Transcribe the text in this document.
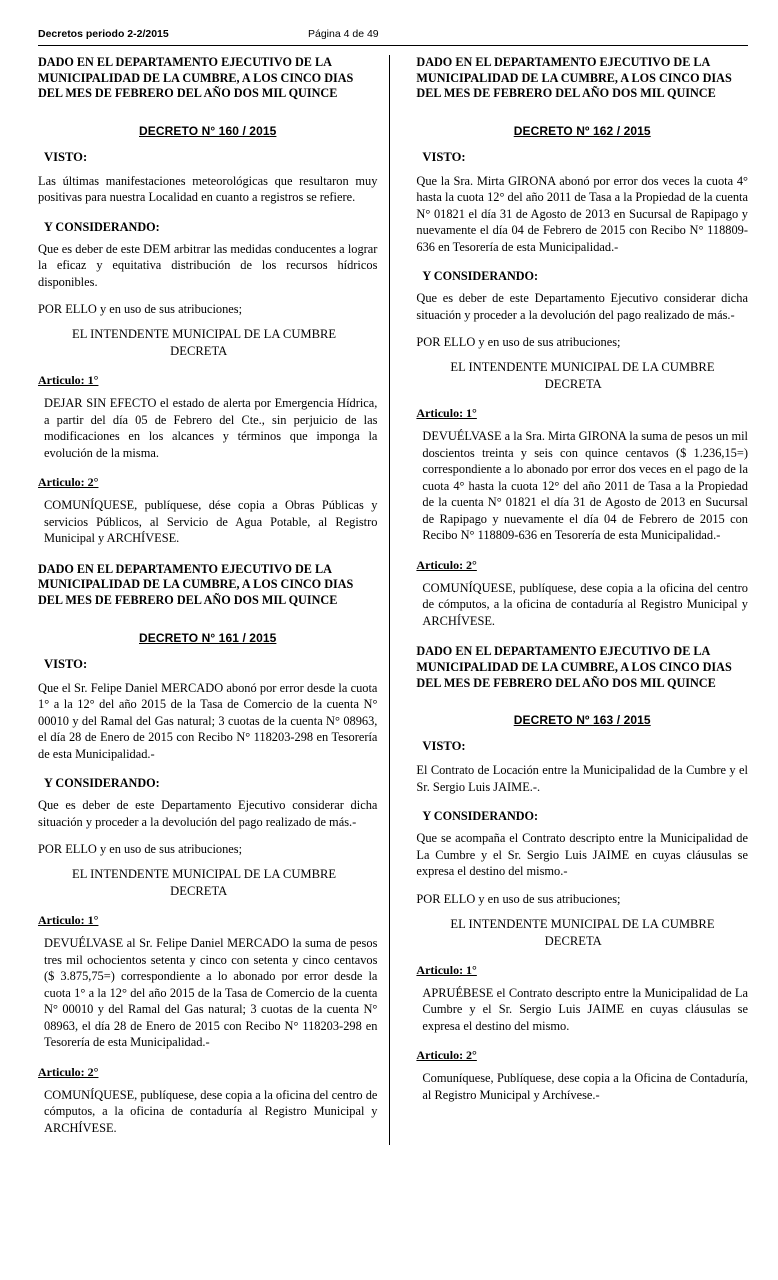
Decretos periodo 2-2/2015	Página 4 de 49

DADO EN EL DEPARTAMENTO EJECUTIVO DE LA MUNICIPALIDAD DE LA CUMBRE, A LOS CINCO DIAS DEL MES DE FEBRERO DEL AÑO DOS MIL QUINCE

DECRETO N° 160 / 2015
VISTO:

Las últimas manifestaciones meteorológicas que resultaron muy positivas para nuestra Localidad en cuanto a registros se refiere.

Y CONSIDERANDO:

Que es deber de este DEM arbitrar las medidas conducentes a lograr la eficaz y equitativa distribución de los recursos hídricos disponibles.

POR ELLO y en uso de sus atribuciones;

EL INTENDENTE MUNICIPAL DE LA CUMBRE

DECRETA

Articulo: 1°

DEJAR SIN EFECTO el estado de alerta por Emergencia Hídrica, a partir del día 05 de Febrero del Cte., sin perjuicio de las modificaciones en los alcances y términos que imponga la evolución de la misma.

Articulo: 2°

COMUNÍQUESE, publíquese, dése copia a Obras Públicas y servicios Públicos, al Servicio de Agua Potable, al Registro Municipal y ARCHÍVESE.

DADO EN EL DEPARTAMENTO EJECUTIVO DE LA MUNICIPALIDAD DE LA CUMBRE, A LOS CINCO DIAS DEL MES DE FEBRERO DEL AÑO DOS MIL QUINCE

DECRETO N° 161 / 2015
VISTO:

Que el Sr. Felipe Daniel MERCADO abonó por error desde la cuota 1° a la 12° del año 2015 de la Tasa de Comercio de la cuenta N° 00010 y del Ramal del Gas natural; 3 cuotas de la cuenta N° 08963, el día 28 de Enero de 2015 con Recibo N° 118203-298 en Tesorería de esta Municipalidad.-

Y CONSIDERANDO:

Que es deber de este Departamento Ejecutivo considerar dicha situación y proceder a la devolución del pago realizado de más.-

POR ELLO y en uso de sus atribuciones;

EL INTENDENTE MUNICIPAL DE LA CUMBRE

DECRETA

Articulo: 1°

DEVUÉLVASE al Sr. Felipe Daniel MERCADO la suma de pesos tres mil ochocientos setenta y cinco con setenta y cinco centavos ($ 3.875,75=) correspondiente a lo abonado por error desde la cuota 1° a la 12° del año 2015 de la Tasa de Comercio de la cuenta N° 00010 y del Ramal del Gas natural; 3 cuotas de la cuenta N° 08963, el día 28 de Enero de 2015 con Recibo N° 118203-298 en Tesorería de esta Municipalidad.-

Articulo: 2°

COMUNÍQUESE, publíquese, dese copia a la oficina del centro de cómputos, a la oficina de contaduría al Registro Municipal y ARCHÍVESE.

DADO EN EL DEPARTAMENTO EJECUTIVO DE LA MUNICIPALIDAD DE LA CUMBRE, A LOS CINCO DIAS DEL MES DE FEBRERO DEL AÑO DOS MIL QUINCE

DECRETO Nº 162 / 2015
VISTO:

Que la Sra. Mirta GIRONA abonó por error dos veces la cuota 4° hasta la cuota 12° del año 2011 de Tasa a la Propiedad de la cuenta N° 01821 el día 31 de Agosto de 2013 en Sucursal de Rapipago y nuevamente el día 04 de Febrero de 2015 con Recibo N° 118809-636 en Tesorería de esta Municipalidad.-

Y CONSIDERANDO:

Que es deber de este Departamento Ejecutivo considerar dicha situación y proceder a la devolución del pago realizado de más.-

POR ELLO y en uso de sus atribuciones;

EL INTENDENTE MUNICIPAL DE LA CUMBRE

DECRETA

Articulo: 1°

DEVUÉLVASE a la Sra. Mirta GIRONA la suma de pesos un mil doscientos treinta y seis con quince centavos ($ 1.236,15=) correspondiente a lo abonado por error dos veces en el pago de la cuota 4° hasta la cuota 12° del año 2011 de Tasa a la Propiedad de la cuenta N° 01821 el día 31 de Agosto de 2013 en Sucursal de Rapipago y nuevamente el día 04 de Febrero de 2015 con Recibo N° 118809-636 en Tesorería de esta Municipalidad.-

Articulo: 2°

COMUNÍQUESE, publíquese, dese copia a la oficina del centro de cómputos, a la oficina de contaduría al Registro Municipal y ARCHÍVESE.

DADO EN EL DEPARTAMENTO EJECUTIVO DE LA MUNICIPALIDAD DE LA CUMBRE, A LOS CINCO DIAS DEL MES DE FEBRERO DEL AÑO DOS MIL QUINCE

DECRETO Nº 163 / 2015
VISTO:

El Contrato de Locación entre la Municipalidad de la Cumbre y el Sr. Sergio Luis JAIME.-.

Y CONSIDERANDO:

Que se acompaña el Contrato descripto entre la Municipalidad de La Cumbre y el Sr. Sergio Luis JAIME en cuyas cláusulas se expresa el destino del mismo.-

POR ELLO y en uso de sus atribuciones;

EL INTENDENTE MUNICIPAL DE LA CUMBRE

DECRETA

Articulo: 1°

APRUÉBESE el Contrato descripto entre la Municipalidad de La Cumbre y el Sr. Sergio Luis JAIME en cuyas cláusulas se expresa el destino del mismo.

Articulo: 2°

Comuníquese, Publíquese, dese copia a la Oficina de Contaduría, al Registro Municipal y Archívese.-
